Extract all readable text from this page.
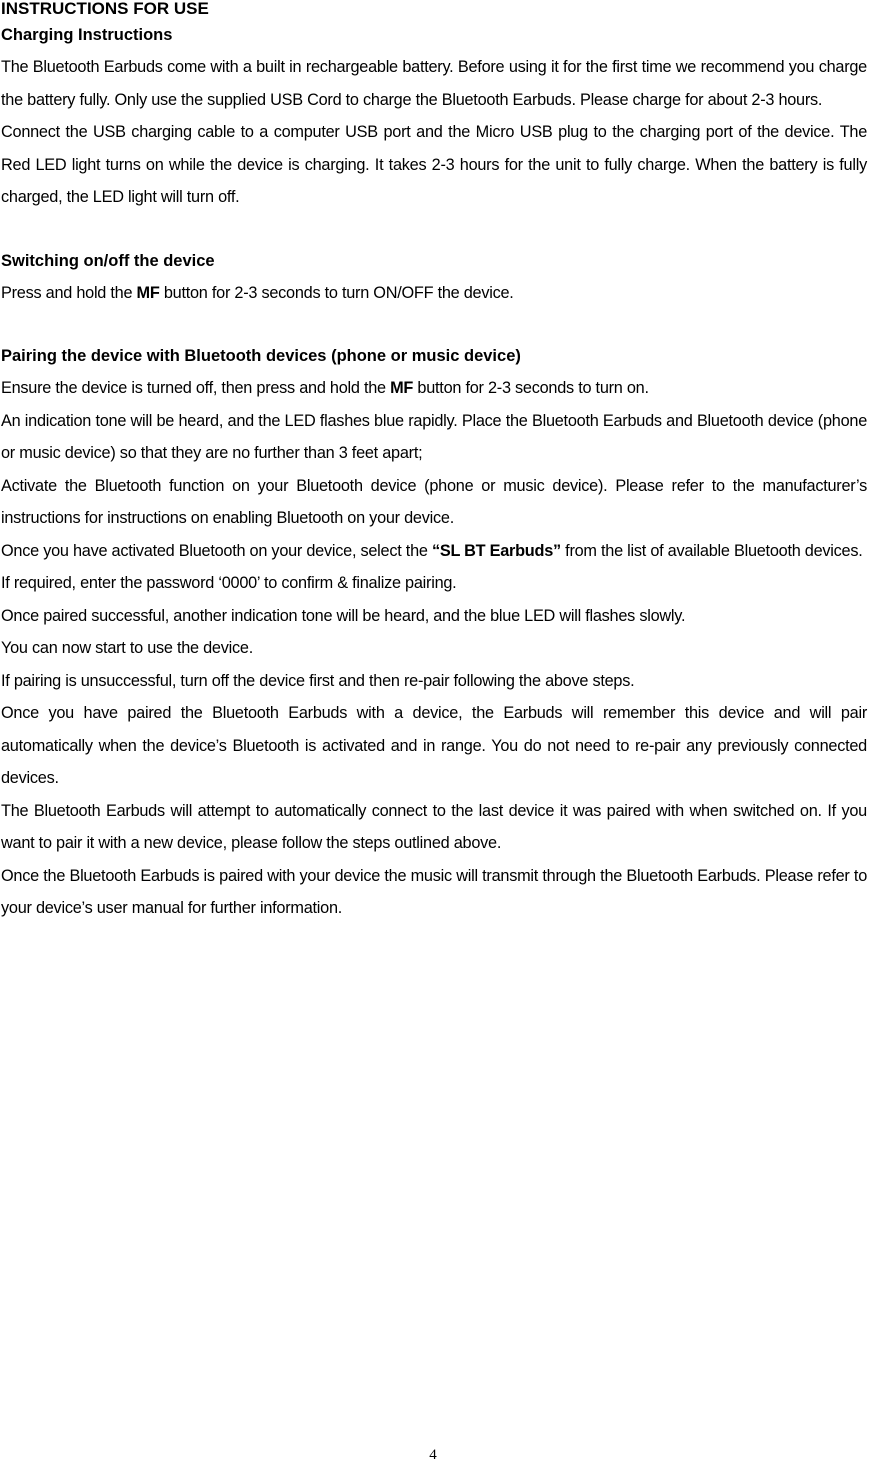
INSTRUCTIONS FOR USE
Charging Instructions

The Bluetooth Earbuds come with a built in rechargeable battery. Before using it for the first time we recommend you charge the battery fully. Only use the supplied USB Cord to charge the Bluetooth Earbuds. Please charge for about 2-3 hours.

Connect the USB charging cable to a computer USB port and the Micro USB plug to the charging port of the device. The Red LED light turns on while the device is charging. It takes 2-3 hours for the unit to fully charge. When the battery is fully charged, the LED light will turn off.

Switching on/off the device

Press and hold the MF button for 2-3 seconds to turn ON/OFF the device.

Pairing the device with Bluetooth devices (phone or music device)

Ensure the device is turned off, then press and hold the MF button for 2-3 seconds to turn on.

An indication tone will be heard, and the LED flashes blue rapidly. Place the Bluetooth Earbuds and Bluetooth device (phone or music device) so that they are no further than 3 feet apart;

Activate the Bluetooth function on your Bluetooth device (phone or music device). Please refer to the manufacturer’s instructions for instructions on enabling Bluetooth on your device.

Once you have activated Bluetooth on your device, select the “SL BT Earbuds” from the list of available Bluetooth devices.

If required, enter the password ‘0000’ to confirm & finalize pairing.

Once paired successful, another indication tone will be heard, and the blue LED will flashes slowly.

You can now start to use the device.

If pairing is unsuccessful, turn off the device first and then re-pair following the above steps.

Once you have paired the Bluetooth Earbuds with a device, the Earbuds will remember this device and will pair automatically when the device’s Bluetooth is activated and in range. You do not need to re-pair any previously connected devices.

The Bluetooth Earbuds will attempt to automatically connect to the last device it was paired with when switched on. If you want to pair it with a new device, please follow the steps outlined above.

Once the Bluetooth Earbuds is paired with your device the music will transmit through the Bluetooth Earbuds. Please refer to your device’s user manual for further information.

4
